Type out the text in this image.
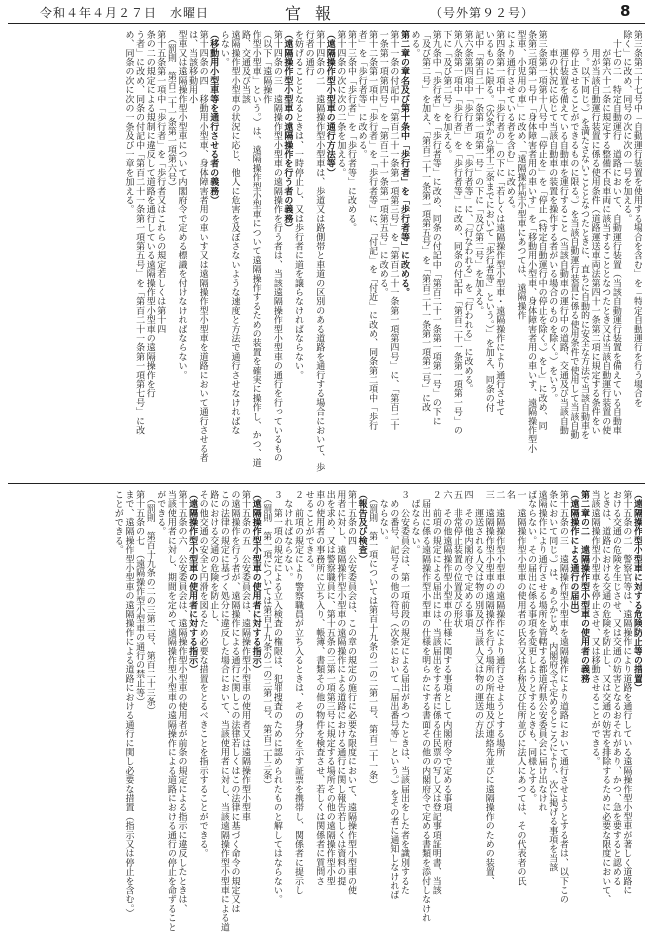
令和４年４月２７日　水曜日	官報	（号外第９２号）	8

第三条第二十七号中「自動運行装置を使用する場合を含む」を「特定自動運行を行う場合を

除く」に改め、同号の次に次の一号を加える。

　十七の二　特定自動運行　道路において、自動運行装置（当該自動運行装置を備えている自動車

　　が第六十二条に規定する整備不良車両に該当することとなつたとき又は当該自動運行装置の使

　　用が当該自動運行装置に係る使用条件（道路運送車両法第四十一条第二項に規定する条件をい

　　う。以下同じ。）を満たさないこととなつたときに、直ちに自動的に安全な方法で当該自動車を

　　停止させることができるものに限る。）を当該自動運行装置に係る使用条件で使用して当該自動

　　運行装置を備えている自動車を運行すること（当該自動車の運行中の道路、交通及び当該自動

　　車の状況に応じて当該自動車の装置を操作する者がいる場合のものを除く。）をいう。

第三条第一項第十八号中「停止を」を「停止（特定自動運行中の停止を除く。）をし」に改め、同

条第三項第一号中「身体障害者用の車いす」を「移動用小型車、身体障害者用の車いす、遠隔操作型小

型車、小児用の車」に改め、「遠隔操作型小型車にあつては、遠隔操作

により通行させている者を含む」に改める。

第四条第一項中「歩行者の」の下に「若しくは遠隔操作型小型車・遠隔操作により通行させて

いるものに限る。（次条から第十三条までにおいて「歩行者等」という。）」を加え、同条の付

記中「第百二十一条第一項第一号」の下に「及び第二号」を加える。

第六条第四項中「歩行者」を「歩行者等」に、「行なわれる」を「行われる」に改める。

第八条第一項中「歩行者」を「歩行者等」に改め、同条の付記中「第百二十一条第一項第一号」の

下に「及び第二号」を加える。

第九条中「歩行者」を「歩行者等」に改め、同条の付記中「第百二十一条第一項第一号」の下に

「及び第二号」を加え、「第百二十一条第一項第五号」を「第百二十一条第一項第二号」に改

める。

第二章の章名及び第十条中「歩行者」を「歩行者等」に改める。

第十一条の付記中「第百二十一条第一項第三号」を「第百二十一条第一項第四号」に、「第百二十

一条第一項第四号」を「第百二十一条第一項第五号」に改める。

第十二条第一項中「歩行者」を「歩行者等」に、「付記」を「付近」に改め、同条第二項中「歩行

者」を「歩行者等」に改める。

第十三条中「歩行者」を「歩行者等」に改める。

第十四条の次に次の二条を加える。

（遠隔操作型小型車の通行方法等）

第十四条の二　遠隔操作型小型車は、歩道又は路側帯と車道の区別のある道路を通行する場合において、歩行者の通行

を妨げることとなるときは、一時停止し、又は歩行者に道を譲らなければならない。

（遠隔操作型小型車の遠隔操作を行う者の義務）

第十四条の三　遠隔操作型小型車の遠隔操作を行う者は、当該遠隔操作型小型車の通行を行っているもの（以下「遠隔操作

作型小型車」という。）は、遠隔操作型小型車について遠隔操作するための装置を確実に操作し、かつ、道路、交通及び当該

遠隔操作型小型車の状況に応じ、他人に危害を及ぼさないような速度と方法で通行させなければな

らない。

（移動用小型車等を通行させる者の義務）

第十四条の四　移動用小型車、身体障害者用の車いす又は遠隔操作型小型車を道路において通行させる者は、当該移動用小

型車又は遠隔操作型小型車について内閣府令で定める標識を付けなければならない。

　（罰則　第百二十一条第一項第六号）

第十五条第一項中「歩行者」を「歩行者又はこれらの規定若しくは第十四

条の二の規定による規制に違反して道路を通行している遠隔操作型小型車の遠隔操作を行

う者」に改め、同条の付記中「第百二十一条第一項第五号」を「第百二十一条第一項第七号」に改

め、同条の次に次の一条及び一章を加える。

（遠隔操作型小型車に対する危険防止等の措置）

第十五条の二　警察官等は、遠隔操作により道路を通行している遠隔操作型小型車が著しく道路に

おける交通の危険を生じさせ、又は交通の妨害となるおそれがあり、かつ、急を要すると認める

ときは、道路における交通の危険を防止し、又は交通の妨害を排除するために必要な限度において、

当該遠隔操作型小型車を停止させ、又は移動させることができる。

第二章の二　遠隔操作型小型車の使用者の義務

（遠隔操作による通行の届出）

第十五条の三　遠隔操作型小型車を遠隔操作により道路において通行させようとする者は、以下この

条において同じ。）は、あらかじめ、内閣府令で定めるところにより、次に掲げる事項を当該

遠隔操作により通行させる場所を管轄する都道府県公安委員会に届け出なけれ

ばならない。その届出に係る事項を変更しようとするときも、同様とする。

一　遠隔操作型小型車の使用者の氏名又は名称及び住所並びに法人にあつては、その代表者の氏

名

二　遠隔操作型小型車の遠隔操作により通行させようとする場所

三　遠隔操作型小型車の遠隔操作を行う場所の所在地及び連絡先並びに遠隔操作のための装置、

　　運送される人又は物の別及び当該人又は物の運送の方法

四　その他内閣府令で定める事項

五　非常停止装置の位置及び形状

六　その他遠隔操作型小型車の仕様に関する事項として内閣府令で定める事項

２　前項の規定による届出には、当該届出をする者に係る住民票の写し又は登記事項証明書、当該

　届出に係る遠隔操作型小型車の仕様を明らかにする書面その他の内閣府令で定める書類を添付しなけれ

　ばならない。

３　公安委員会は、第一項前段の規定による届出があつたときは、当該届出をした者を識別するた

　めの番号、記号その他の符号（次条において「届出番号等」という。）をその者に通知しなければ

　ならない。

　（罰則　第一項については第百十九条の二の二第一号、第百二十一条）

（報告及び検査）

第十五条の四　公安委員会は、この章の規定の施行に必要な限度において、遠隔操作型小型車の使

用者に対し、遠隔操作型小型車の遠隔操作による道路における通行に関し報告若しくは資料の提

出を求め、又は警察職員に、第十五条の三第一項第三号に規定する場所その他の遠隔操作型小型

車の使用者の事務所に立ち入り、帳簿、書類その他の物件を検査させ、若しくは関係者に質問さ

せることができる。

２　前項の規定により警察職員が立ち入るときは、その身分を示す証票を携帯し、関係者に提示し

　なければならない。

３　第一項の規定による立入検査の権限は、犯罪捜査のために認められたものと解してはならない。

　（罰則　第一項については第百十九条の二の三第一号、第百二十三条）

（遠隔操作型小型車の使用者に対する指示）

第十五条の五　公安委員会は、遠隔操作型小型車の使用者又は遠隔操作型小型車

の遠隔操作を行う者が、遠隔操作による通行に関しこの法律若しくはこの法律に基づく命令の規定又は

この法律の規定に基づく処分に違反した場合において、当該使用者に対し、当該遠隔操作型小型車による道路における交通の危険を防止し、

その他交通の安全と円滑を図るため必要な措置をとるべきことを指示することができる。

（遠隔操作型小型車の使用者に対する指示）

第十五条の六　公安委員会は、遠隔操作型小型車の使用者が前条の規定による指示に違反したときは、

当該使用者に対し、期間を定めて遠隔操作型小型車の遠隔操作による道路における通行の停止を命ずることができる。

　（罰則　第百十九条の二の三第二号、第百二十三条）

第十五条の七　（遠隔操作型小型車の通行の禁止等）

まで、遠隔操作型小型車の遠隔操作による道路における通行に関し必要な措置（指示又は停止を含む。）

ことができる。
